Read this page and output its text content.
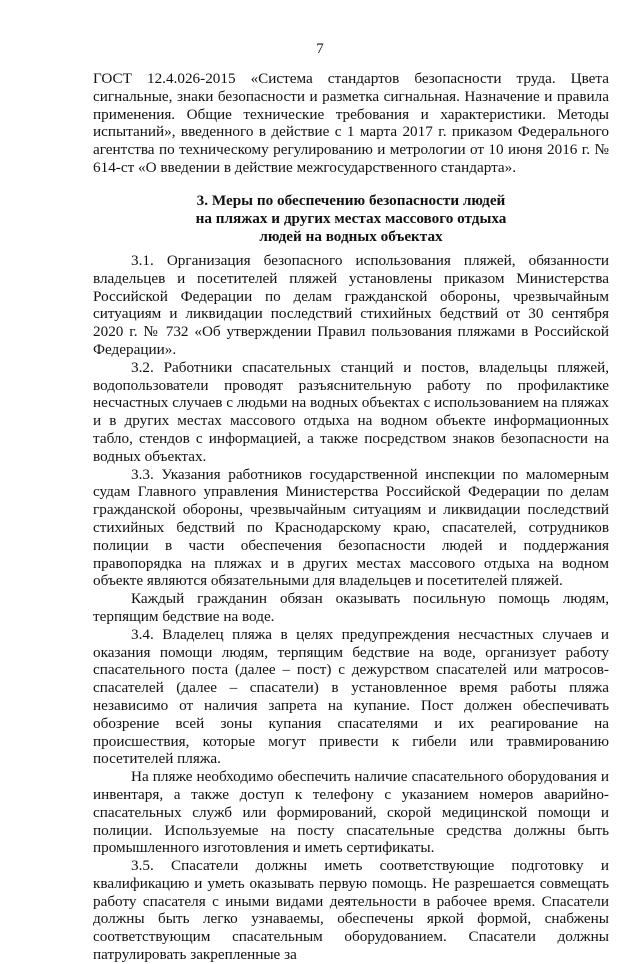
7

ГОСТ 12.4.026-2015 «Система стандартов безопасности труда. Цвета сигнальные, знаки безопасности и разметка сигнальная. Назначение и правила применения. Общие технические требования и характеристики. Методы испытаний», введенного в действие с 1 марта 2017 г. приказом Федерального агентства по техническому регулированию и метрологии от 10 июня 2016 г. № 614-ст «О введении в действие межгосударственного стандарта».

3. Меры по обеспечению безопасности людей
на пляжах и других местах массового отдыха
людей на водных объектах

3.1. Организация безопасного использования пляжей, обязанности владельцев и посетителей пляжей установлены приказом Министерства Российской Федерации по делам гражданской обороны, чрезвычайным ситуациям и ликвидации последствий стихийных бедствий от 30 сентября 2020 г. № 732 «Об утверждении Правил пользования пляжами в Российской Федерации».

3.2. Работники спасательных станций и постов, владельцы пляжей, водопользователи проводят разъяснительную работу по профилактике несчастных случаев с людьми на водных объектах с использованием на пляжах и в других местах массового отдыха на водном объекте информационных табло, стендов с информацией, а также посредством знаков безопасности на водных объектах.

3.3. Указания работников государственной инспекции по маломерным судам Главного управления Министерства Российской Федерации по делам гражданской обороны, чрезвычайным ситуациям и ликвидации последствий стихийных бедствий по Краснодарскому краю, спасателей, сотрудников полиции в части обеспечения безопасности людей и поддержания правопорядка на пляжах и в других местах массового отдыха на водном объекте являются обязательными для владельцев и посетителей пляжей.

Каждый гражданин обязан оказывать посильную помощь людям, терпящим бедствие на воде.

3.4. Владелец пляжа в целях предупреждения несчастных случаев и оказания помощи людям, терпящим бедствие на воде, организует работу спасательного поста (далее – пост) с дежурством спасателей или матросов-спасателей (далее – спасатели) в установленное время работы пляжа независимо от наличия запрета на купание. Пост должен обеспечивать обозрение всей зоны купания спасателями и их реагирование на происшествия, которые могут привести к гибели или травмированию посетителей пляжа.

На пляже необходимо обеспечить наличие спасательного оборудования и инвентаря, а также доступ к телефону с указанием номеров аварийно-спасательных служб или формирований, скорой медицинской помощи и полиции. Используемые на посту спасательные средства должны быть промышленного изготовления и иметь сертификаты.

3.5. Спасатели должны иметь соответствующие подготовку и квалификацию и уметь оказывать первую помощь. Не разрешается совмещать работу спасателя с иными видами деятельности в рабочее время. Спасатели должны быть легко узнаваемы, обеспечены яркой формой, снабжены соответствующим спасательным оборудованием. Спасатели должны патрулировать закрепленные за
